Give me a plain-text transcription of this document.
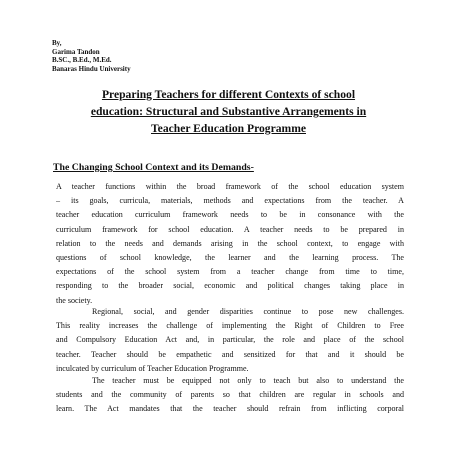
By,
Garima Tandon
B.SC., B.Ed., M.Ed.
Banaras Hindu University
Preparing Teachers for different Contexts of school
education: Structural and Substantive Arrangements in
Teacher Education Programme
The Changing School Context and its Demands-
A teacher functions within the broad framework of the school education system
– its goals, curricula, materials, methods and expectations from the teacher. A
teacher education curriculum framework needs to be in consonance with the
curriculum framework for school education. A teacher needs to be prepared in
relation to the needs and demands arising in the school context, to engage with
questions of school knowledge, the learner and the learning process. The
expectations of the school system from a teacher change from time to time,
responding to the broader social, economic and political changes taking place in
the society.
Regional, social, and gender disparities continue to pose new challenges.
This reality increases the challenge of implementing the Right of Children to Free
and Compulsory Education Act and, in particular, the role and place of the school
teacher. Teacher should be empathetic and sensitized for that and it should be
inculcated by curriculum of Teacher Education Programme.
The teacher must be equipped not only to teach but also to understand the
students and the community of parents so that children are regular in schools and
learn. The Act mandates that the teacher should refrain from inflicting corporal
